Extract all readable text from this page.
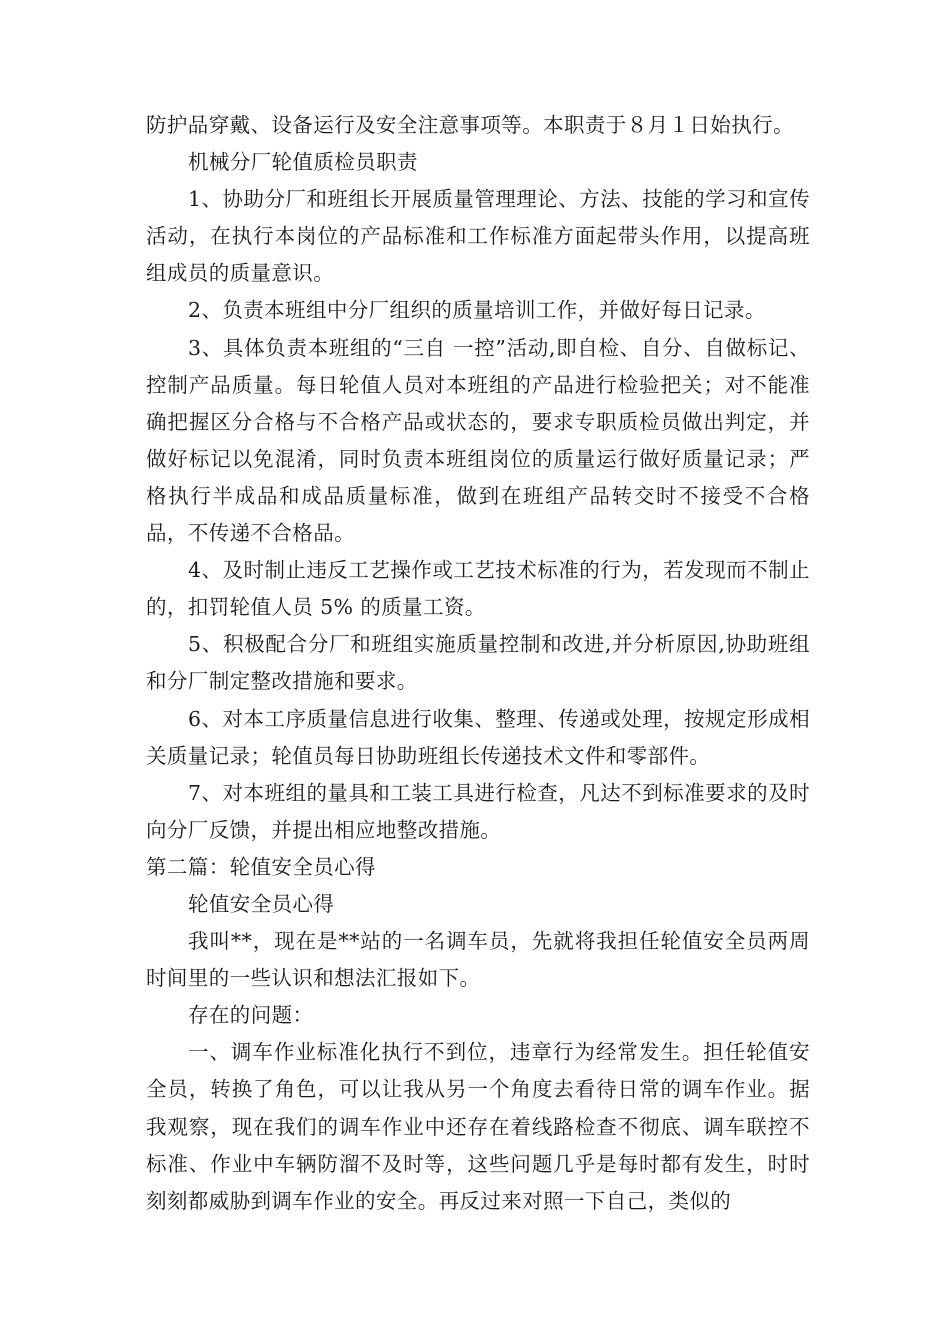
防护品穿戴、设备运行及安全注意事项等。本职责于８月１日始执行。

机械分厂轮值质检员职责

1、协助分厂和班组长开展质量管理理论、方法、技能的学习和宣传活动，在执行本岗位的产品标准和工作标准方面起带头作用，以提高班组成员的质量意识。

2、负责本班组中分厂组织的质量培训工作，并做好每日记录。

3、具体负责本班组的“三自 一控”活动,即自检、自分、自做标记、控制产品质量。每日轮值人员对本班组的产品进行检验把关；对不能准确把握区分合格与不合格产品或状态的，要求专职质检员做出判定，并做好标记以免混淆，同时负责本班组岗位的质量运行做好质量记录；严格执行半成品和成品质量标准，做到在班组产品转交时不接受不合格品，不传递不合格品。

4、及时制止违反工艺操作或工艺技术标准的行为，若发现而不制止的，扣罚轮值人员 5% 的质量工资。

5、积极配合分厂和班组实施质量控制和改进,并分析原因,协助班组和分厂制定整改措施和要求。

6、对本工序质量信息进行收集、整理、传递或处理，按规定形成相关质量记录；轮值员每日协助班组长传递技术文件和零部件。

7、对本班组的量具和工装工具进行检查，凡达不到标准要求的及时向分厂反馈，并提出相应地整改措施。

第二篇：轮值安全员心得

轮值安全员心得

我叫**，现在是**站的一名调车员，先就将我担任轮值安全员两周时间里的一些认识和想法汇报如下。

存在的问题：

一、调车作业标准化执行不到位，违章行为经常发生。担任轮值安全员，转换了角色，可以让我从另一个角度去看待日常的调车作业。据我观察，现在我们的调车作业中还存在着线路检查不彻底、调车联控不标准、作业中车辆防溜不及时等，这些问题几乎是每时都有发生，时时刻刻都威胁到调车作业的安全。再反过来对照一下自己，类似的
